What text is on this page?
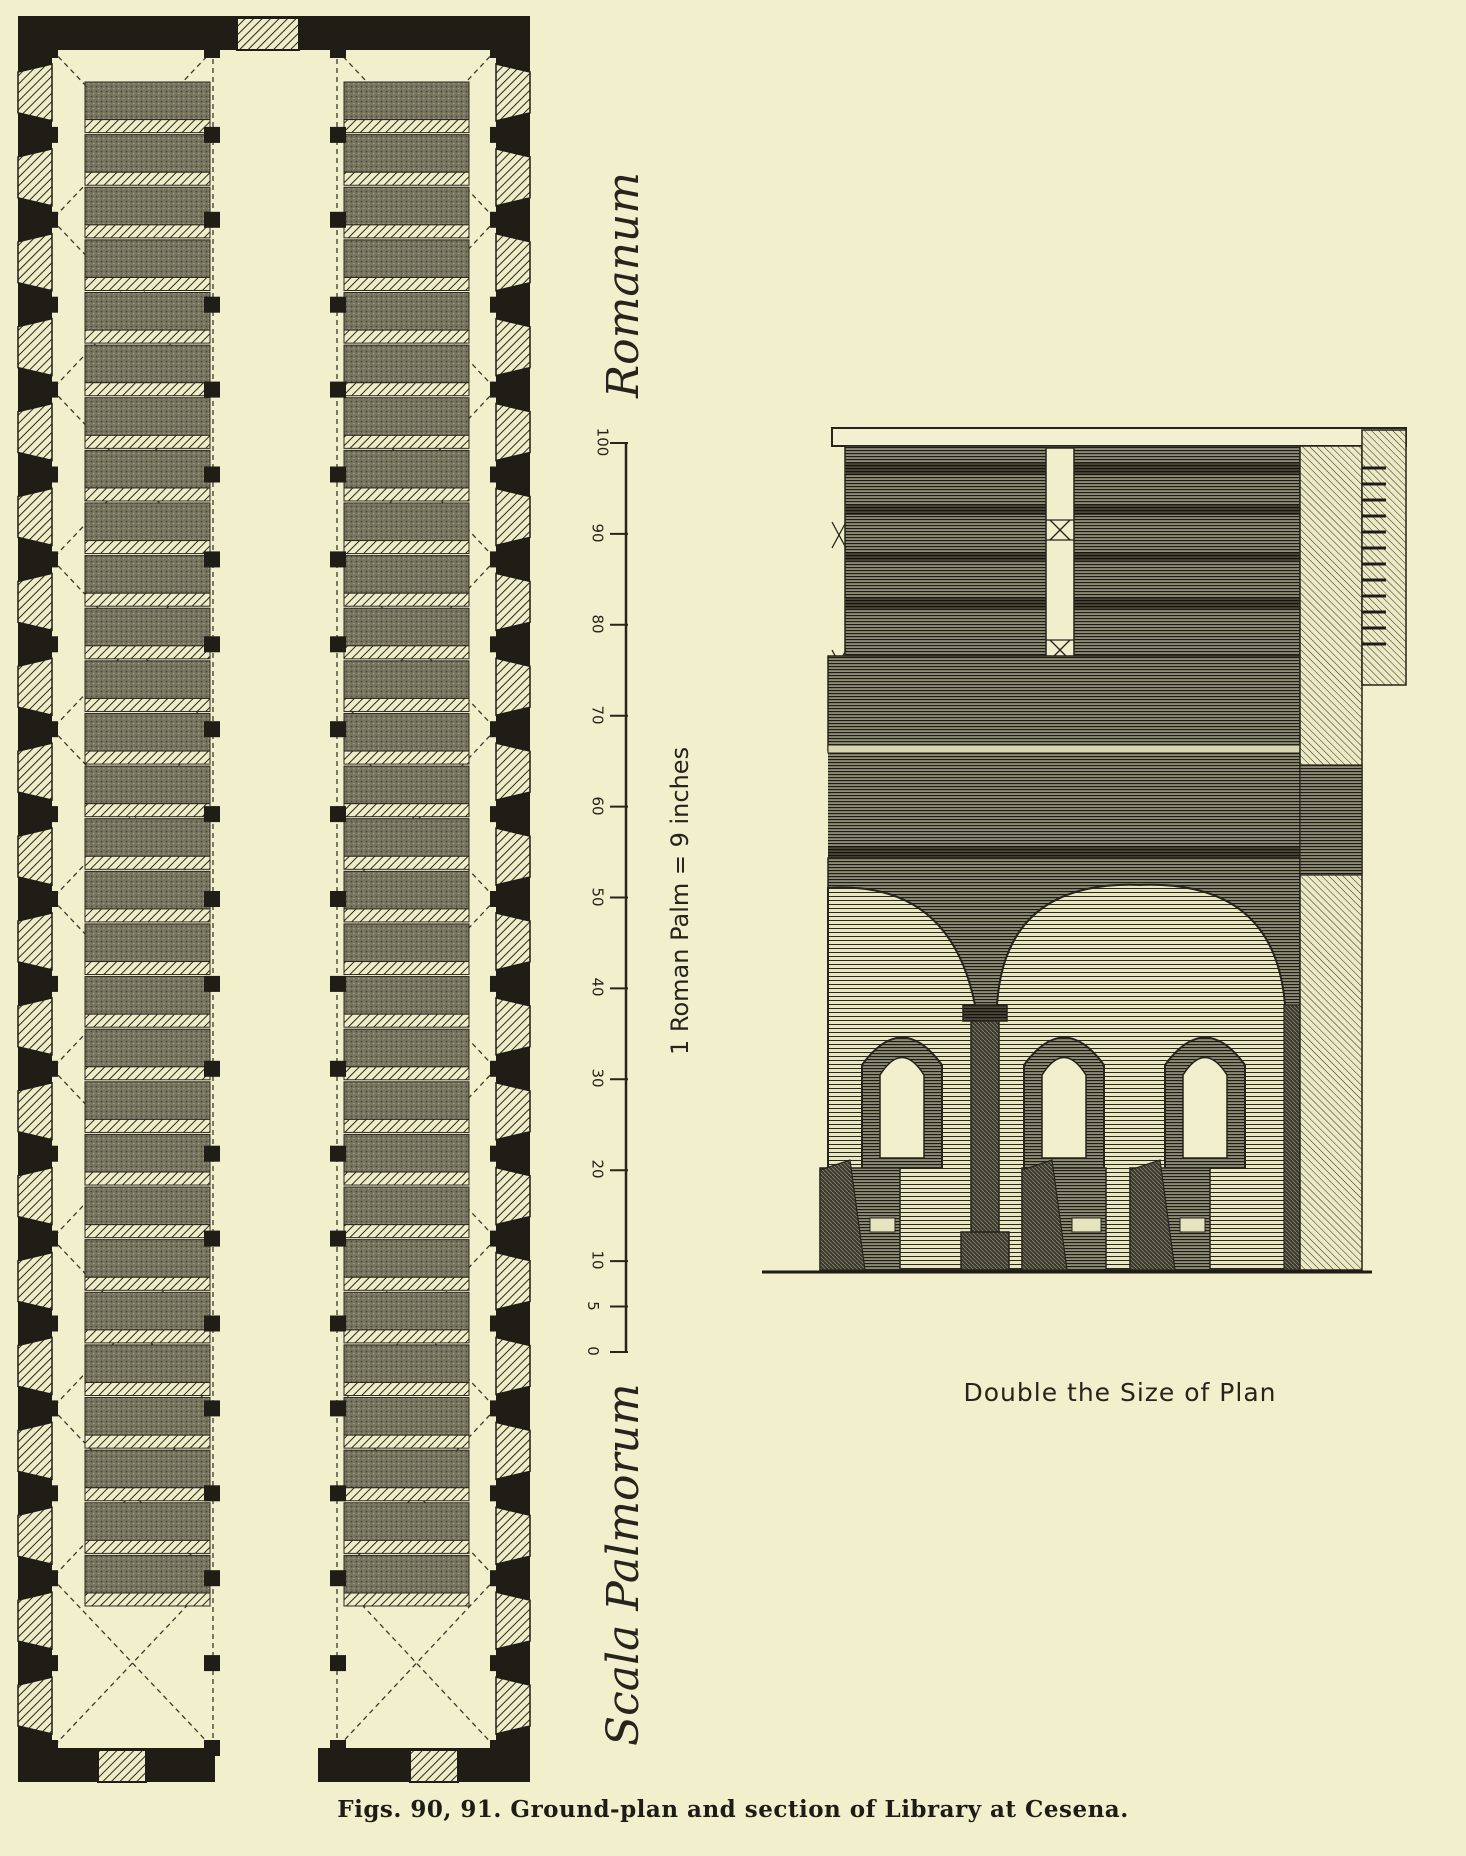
Romanum
Scala Palmorum
1 Roman Palm = 9 inches
0
5
10
20
30
40
50
60
70
80
90
100
Double the Size of Plan
Figs. 90, 91. Ground-plan and section of Library at Cesena.
